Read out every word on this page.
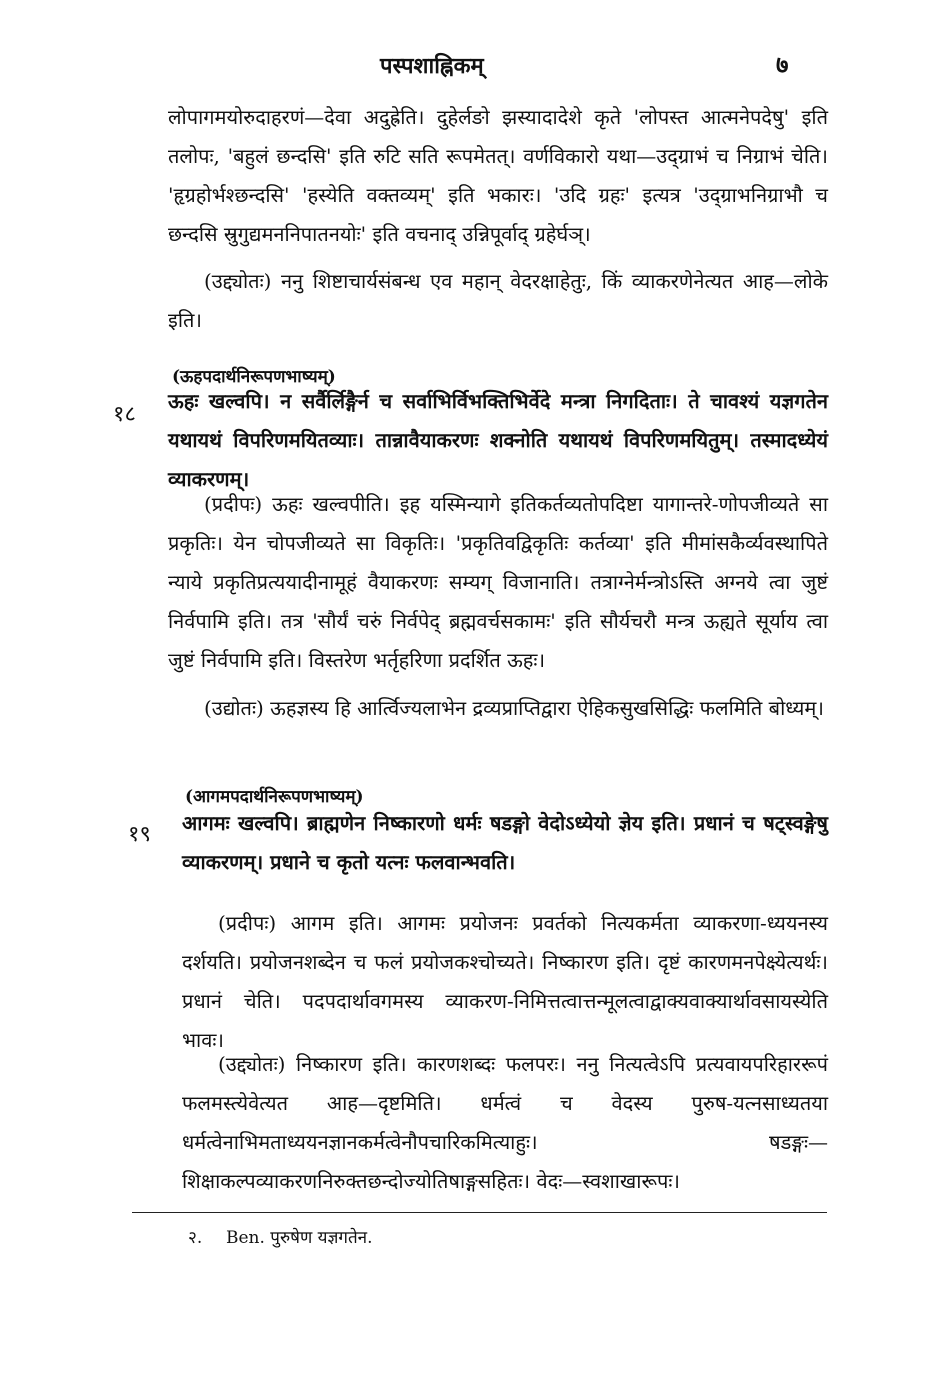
पस्पशाह्निकम्	७
लोपागमयोरुदाहरणं—देवा अदुह्रेति। दुहेर्लङो झस्यादादेशे कृते 'लोपस्त आत्मनेपदेषु' इति तलोपः, 'बहुलं छन्दसि' इति रुटि सति रूपमेतत्। वर्णविकारो यथा—उद्ग्राभं च निग्राभं चेति। 'हृग्रहोर्भश्छन्दसि' 'हस्येति वक्तव्यम्' इति भकारः। 'उदि ग्रहः' इत्यत्र 'उद्ग्राभनिग्राभौ च छन्दसि स्रुगुद्यमननिपातनयोः' इति वचनाद् उन्निपूर्वाद् ग्रहेर्घञ्।
(उद्द्योतः) ननु शिष्टाचार्यसंबन्ध एव महान् वेदरक्षाहेतुः, किं व्याकरणेनेत्यत आह—लोके इति।
(ऊहपदार्थनिरूपणभाष्यम्)
१८
ऊहः खल्वपि। न सर्वैर्लिङ्गैर्न च सर्वाभिर्विभक्तिभिर्वेदे मन्त्रा निगदिताः। ते चावश्यं यज्ञगतेन यथायथं विपरिणमयितव्याः। तान्नावैयाकरणः शक्नोति यथायथं विपरिणमयितुम्। तस्मादध्येयं व्याकरणम्।
(प्रदीपः) ऊहः खल्वपीति। इह यस्मिन्यागे इतिकर्तव्यतोपदिष्टा यागान्तरे-णोपजीव्यते सा प्रकृतिः। येन चोपजीव्यते सा विकृतिः। 'प्रकृतिवद्विकृतिः कर्तव्या' इति मीमांसकैर्व्यवस्थापिते न्याये प्रकृतिप्रत्ययादीनामूहं वैयाकरणः सम्यग् विजानाति। तत्राग्नेर्मन्त्रोऽस्ति अग्नये त्वा जुष्टं निर्वपामि इति। तत्र 'सौर्यं चरुं निर्वपेद् ब्रह्मवर्चसकामः' इति सौर्यचरौ मन्त्र ऊह्यते सूर्याय त्वा जुष्टं निर्वपामि इति। विस्तरेण भर्तृहरिणा प्रदर्शित ऊहः।
(उद्योतः) ऊहज्ञस्य हि आर्त्विज्यलाभेन द्रव्यप्राप्तिद्वारा ऐहिकसुखसिद्धिः फलमिति बोध्यम्।
(आगमपदार्थनिरूपणभाष्यम्)
१९ आगमः खल्वपि। ब्राह्मणेन निष्कारणो धर्मः षडङ्गो वेदोऽध्येयो ज्ञेय इति। प्रधानं च षट्स्वङ्गेषु व्याकरणम्। प्रधाने च कृतो यत्नः फलवान्भवति।
(प्रदीपः) आगम इति। आगमः प्रयोजनः प्रवर्तको नित्यकर्मता व्याकरणा-ध्ययनस्य दर्शयति। प्रयोजनशब्देन च फलं प्रयोजकश्चोच्यते। निष्कारण इति। दृष्टं कारणमनपेक्ष्येत्यर्थः। प्रधानं चेति। पदपदार्थावगमस्य व्याकरण-निमित्तत्वात्तन्मूलत्वाद्वाक्यवाक्यार्थावसायस्येति भावः।
(उद्द्योतः) निष्कारण इति। कारणशब्दः फलपरः। ननु नित्यत्वेऽपि प्रत्यवायपरिहाररूपं फलमस्त्येवेत्यत आह—दृष्टमिति। धर्मत्वं च वेदस्य पुरुष-यत्नसाध्यतया धर्मत्वेनाभिमताध्ययनज्ञानकर्मत्वेनौपचारिकमित्याहुः। षडङ्गः—शिक्षाकल्पव्याकरणनिरुक्तछन्दोज्योतिषाङ्गसहितः। वेदः—स्वशाखारूपः।
२. Ben. पुरुषेण यज्ञगतेन.
